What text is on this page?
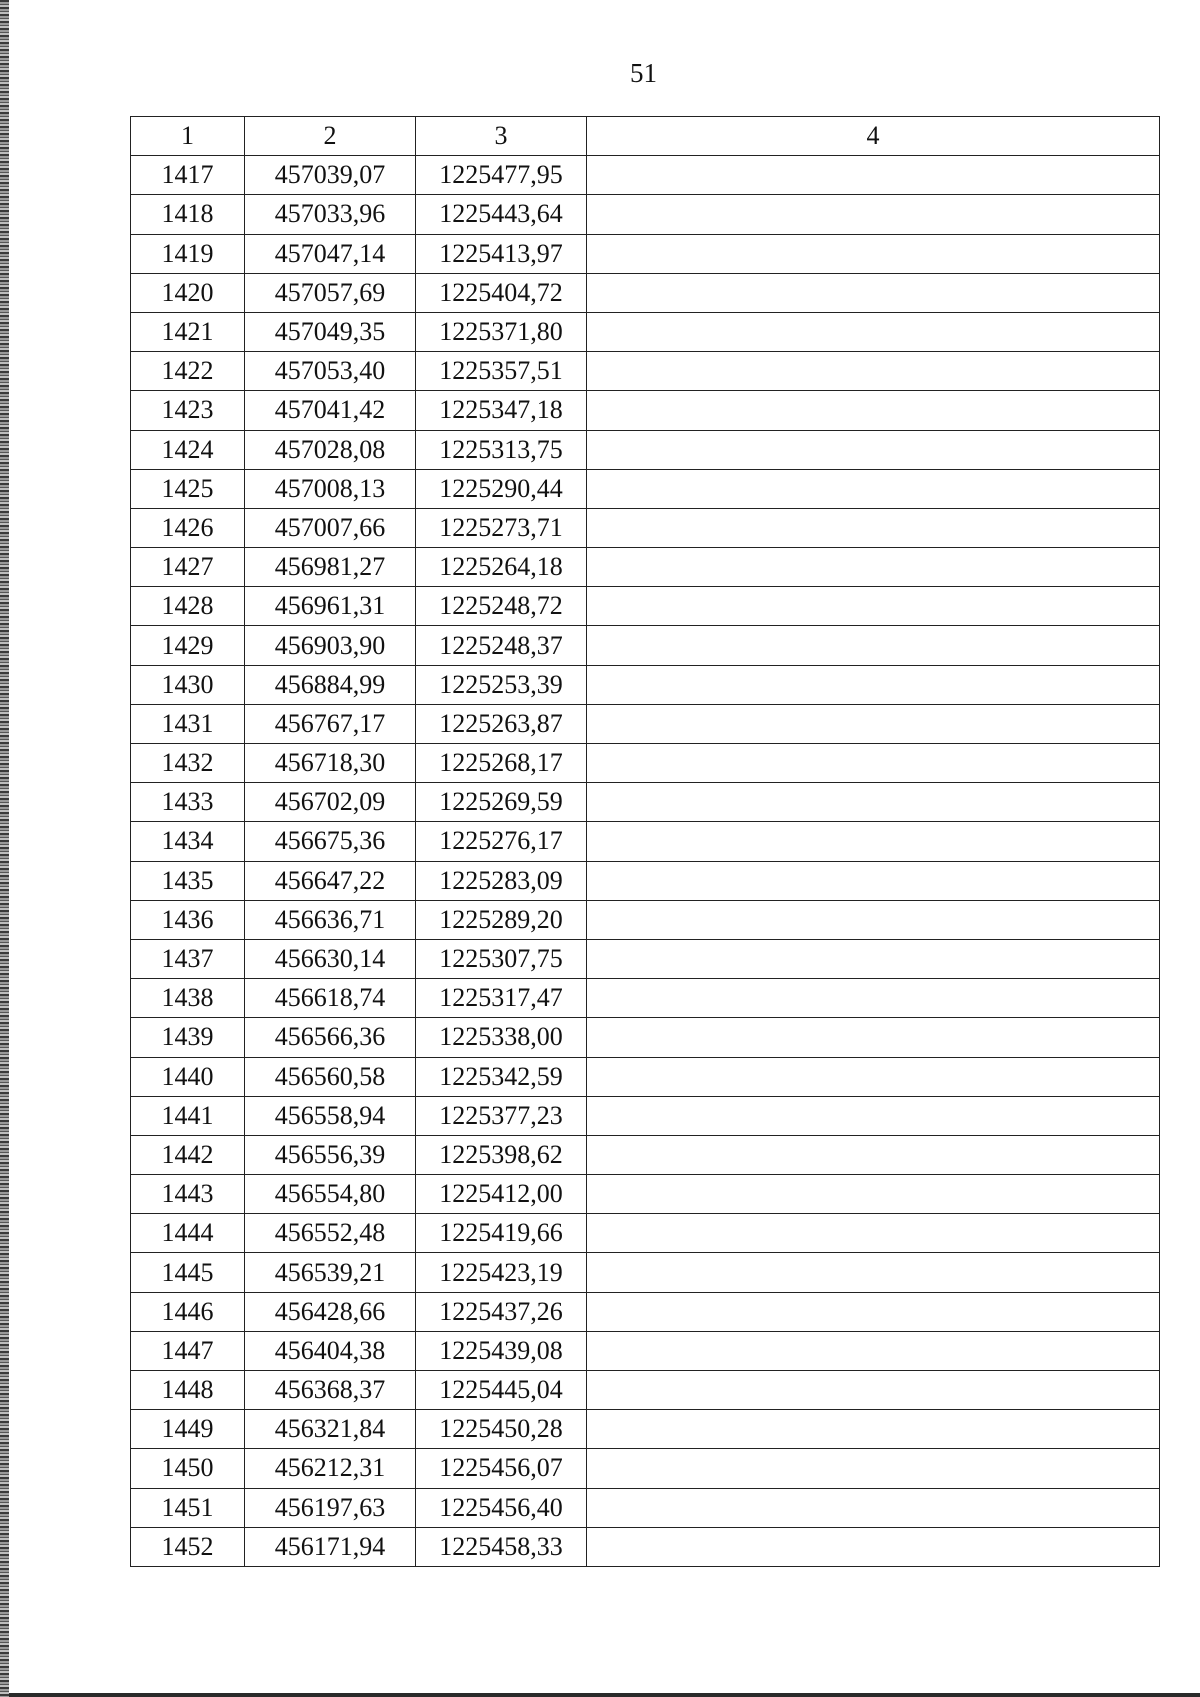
51
1	2	3	4
1417	457039,07	1225477,95	
1418	457033,96	1225443,64	
1419	457047,14	1225413,97	
1420	457057,69	1225404,72	
1421	457049,35	1225371,80	
1422	457053,40	1225357,51	
1423	457041,42	1225347,18	
1424	457028,08	1225313,75	
1425	457008,13	1225290,44	
1426	457007,66	1225273,71	
1427	456981,27	1225264,18	
1428	456961,31	1225248,72	
1429	456903,90	1225248,37	
1430	456884,99	1225253,39	
1431	456767,17	1225263,87	
1432	456718,30	1225268,17	
1433	456702,09	1225269,59	
1434	456675,36	1225276,17	
1435	456647,22	1225283,09	
1436	456636,71	1225289,20	
1437	456630,14	1225307,75	
1438	456618,74	1225317,47	
1439	456566,36	1225338,00	
1440	456560,58	1225342,59	
1441	456558,94	1225377,23	
1442	456556,39	1225398,62	
1443	456554,80	1225412,00	
1444	456552,48	1225419,66	
1445	456539,21	1225423,19	
1446	456428,66	1225437,26	
1447	456404,38	1225439,08	
1448	456368,37	1225445,04	
1449	456321,84	1225450,28	
1450	456212,31	1225456,07	
1451	456197,63	1225456,40	
1452	456171,94	1225458,33	
